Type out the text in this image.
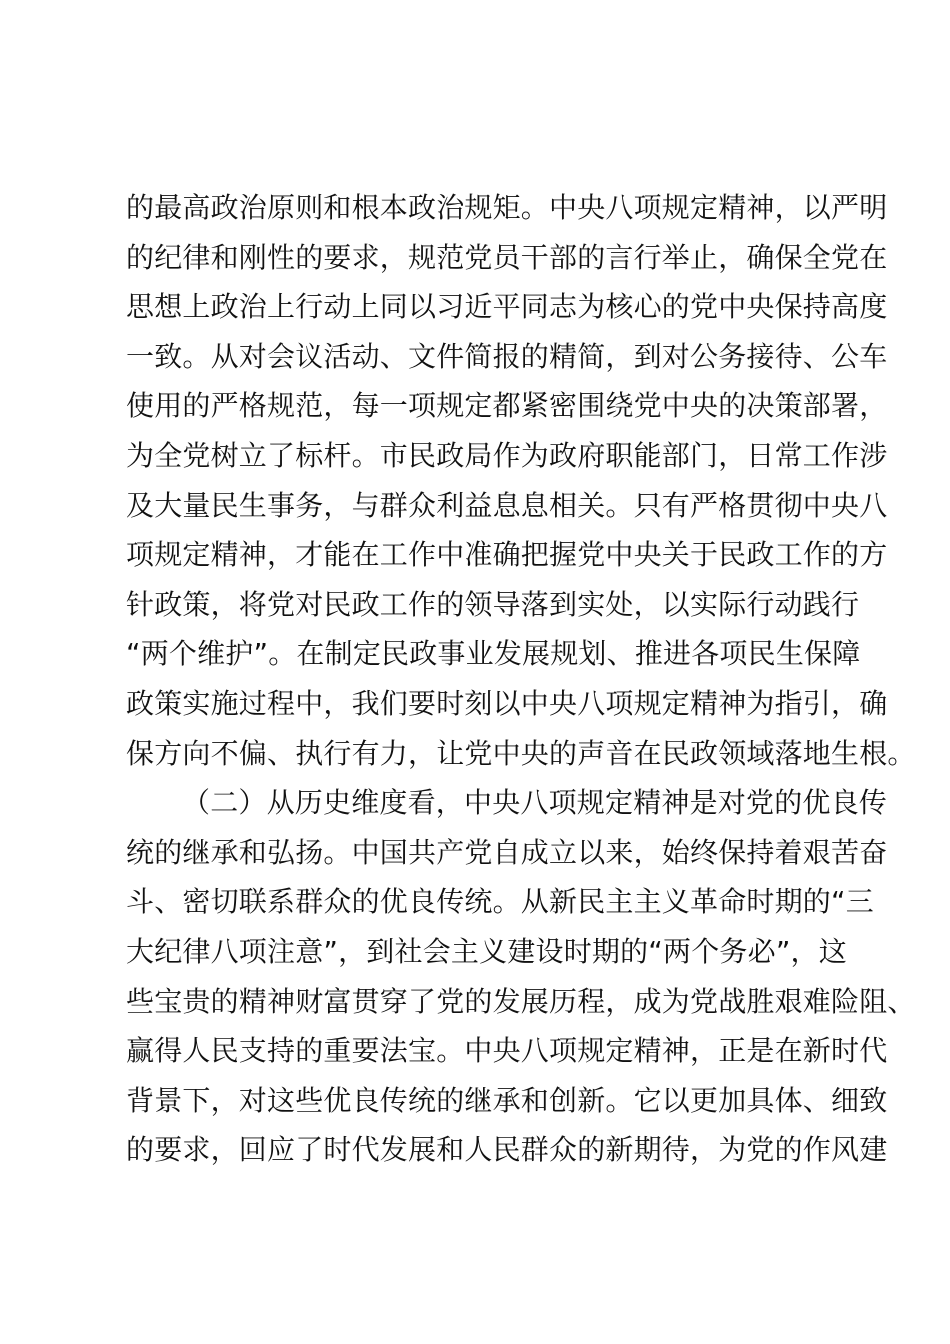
的最高政治原则和根本政治规矩。中央八项规定精神，以严明
的纪律和刚性的要求，规范党员干部的言行举止，确保全党在
思想上政治上行动上同以习近平同志为核心的党中央保持高度
一致。从对会议活动、文件简报的精简，到对公务接待、公车
使用的严格规范，每一项规定都紧密围绕党中央的决策部署，
为全党树立了标杆。市民政局作为政府职能部门，日常工作涉
及大量民生事务，与群众利益息息相关。只有严格贯彻中央八
项规定精神，才能在工作中准确把握党中央关于民政工作的方
针政策，将党对民政工作的领导落到实处，以实际行动践行
“两个维护”。在制定民政事业发展规划、推进各项民生保障
政策实施过程中，我们要时刻以中央八项规定精神为指引，确
保方向不偏、执行有力，让党中央的声音在民政领域落地生根。
（二）从历史维度看，中央八项规定精神是对党的优良传
统的继承和弘扬。中国共产党自成立以来，始终保持着艰苦奋
斗、密切联系群众的优良传统。从新民主主义革命时期的“三
大纪律八项注意”，到社会主义建设时期的“两个务必”，这
些宝贵的精神财富贯穿了党的发展历程，成为党战胜艰难险阻、
赢得人民支持的重要法宝。中央八项规定精神，正是在新时代
背景下，对这些优良传统的继承和创新。它以更加具体、细致
的要求，回应了时代发展和人民群众的新期待，为党的作风建
